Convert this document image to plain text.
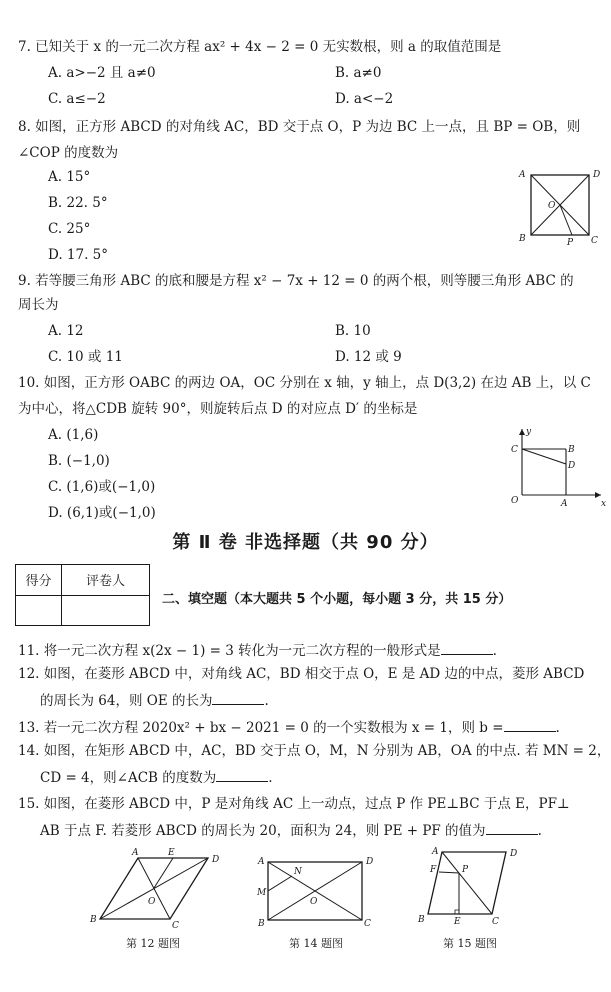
7. 已知关于 x 的一元二次方程 ax² + 4x − 2 = 0 无实数根，则 a 的取值范围是
A. a>−2 且 a≠0	B. a≠0
C. a≤−2	D. a<−2
8. 如图，正方形 ABCD 的对角线 AC，BD 交于点 O，P 为边 BC 上一点，且 BP = OB，则
∠COP 的度数为
A. 15°
B. 22. 5°
C. 25°
D. 17. 5°
A	D
O
B	P C
9. 若等腰三角形 ABC 的底和腰是方程 x² − 7x + 12 = 0 的两个根，则等腰三角形 ABC 的
周长为
A. 12	B. 10
C. 10 或 11	D. 12 或 9
10. 如图，正方形 OABC 的两边 OA，OC 分别在 x 轴，y 轴上，点 D(3,2) 在边 AB 上，以 C
为中心，将△CDB 旋转 90°，则旋转后点 D 的对应点 D′ 的坐标是
A. (1,6)
B. (−1,0)
C. (1,6)或(−1,0)
D. (6,1)或(−1,0)
y
x
C	B
D
O	A
第 Ⅱ 卷 非选择题（共 90 分）
得分	评卷人

二、填空题（本大题共 5 个小题，每小题 3 分，共 15 分）
11. 将一元二次方程 x(2x − 1) = 3 转化为一元二次方程的一般形式是	.
12. 如图，在菱形 ABCD 中，对角线 AC，BD 相交于点 O，E 是 AD 边的中点，菱形 ABCD
的周长为 64，则 OE 的长为	.
13. 若一元二次方程 2020x² + bx − 2021 = 0 的一个实数根为 x = 1，则 b =	.
14. 如图，在矩形 ABCD 中，AC，BD 交于点 O，M，N 分别为 AB，OA 的中点. 若 MN = 2，
CD = 4，则∠ACB 的度数为	.
15. 如图，在菱形 ABCD 中，P 是对角线 AC 上一动点，过点 P 作 PE⊥BC 于点 E，PF⊥
AB 于点 F. 若菱形 ABCD 的周长为 20，面积为 24，则 PE + PF 的值为	.
A	E
D
O
B
C
第 12 题图
A	D
N
M
O
B	C
第 14 题图
A	D
F	P
B	E	C
第 15 题图
